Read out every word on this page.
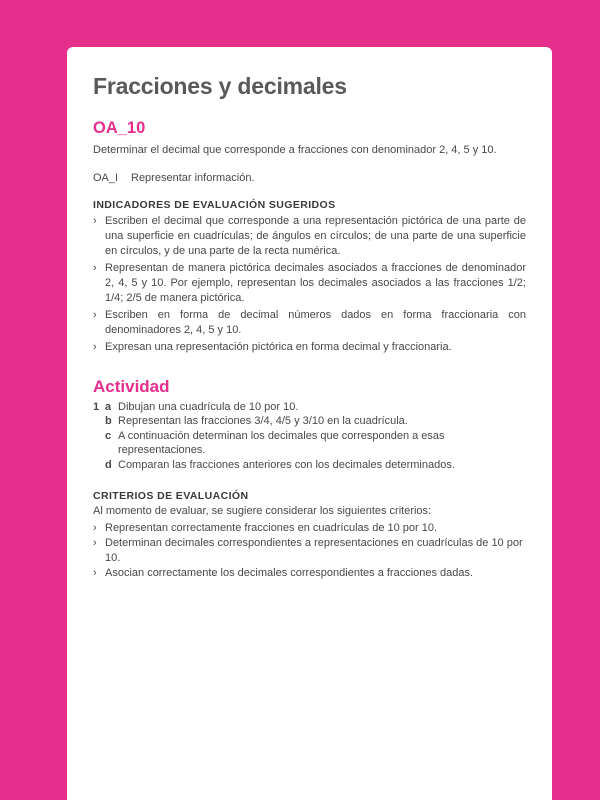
Fracciones y decimales
OA_10

Determinar el decimal que corresponde a fracciones con denominador 2, 4, 5 y 10.

OA_I Representar información.

INDICADORES DE EVALUACIÓN SUGERIDOS
› Escriben el decimal que corresponde a una representación pictórica de una parte de una superficie en cuadrículas; de ángulos en círculos; de una parte de una superficie en círculos, y de una parte de la recta numérica.
› Representan de manera pictórica decimales asociados a fracciones de denominador 2, 4, 5 y 10. Por ejemplo, representan los decimales asociados a las fracciones 1/2; 1/4; 2/5 de manera pictórica.
› Escriben en forma de decimal números dados en forma fraccionaria con denominadores 2, 4, 5 y 10.
› Expresan una representación pictórica en forma decimal y fraccionaria.
Actividad
1 a Dibujan una cuadrícula de 10 por 10.
b Representan las fracciones 3/4, 4/5 y 3/10 en la cuadrícula.
c A continuación determinan los decimales que corresponden a esas representaciones.
d Comparan las fracciones anteriores con los decimales determinados.
CRITERIOS DE EVALUACIÓN

Al momento de evaluar, se sugiere considerar los siguientes criterios:

› Representan correctamente fracciones en cuadrículas de 10 por 10.
› Determinan decimales correspondientes a representaciones en cuadrículas de 10 por 10.
› Asocian correctamente los decimales correspondientes a fracciones dadas.
